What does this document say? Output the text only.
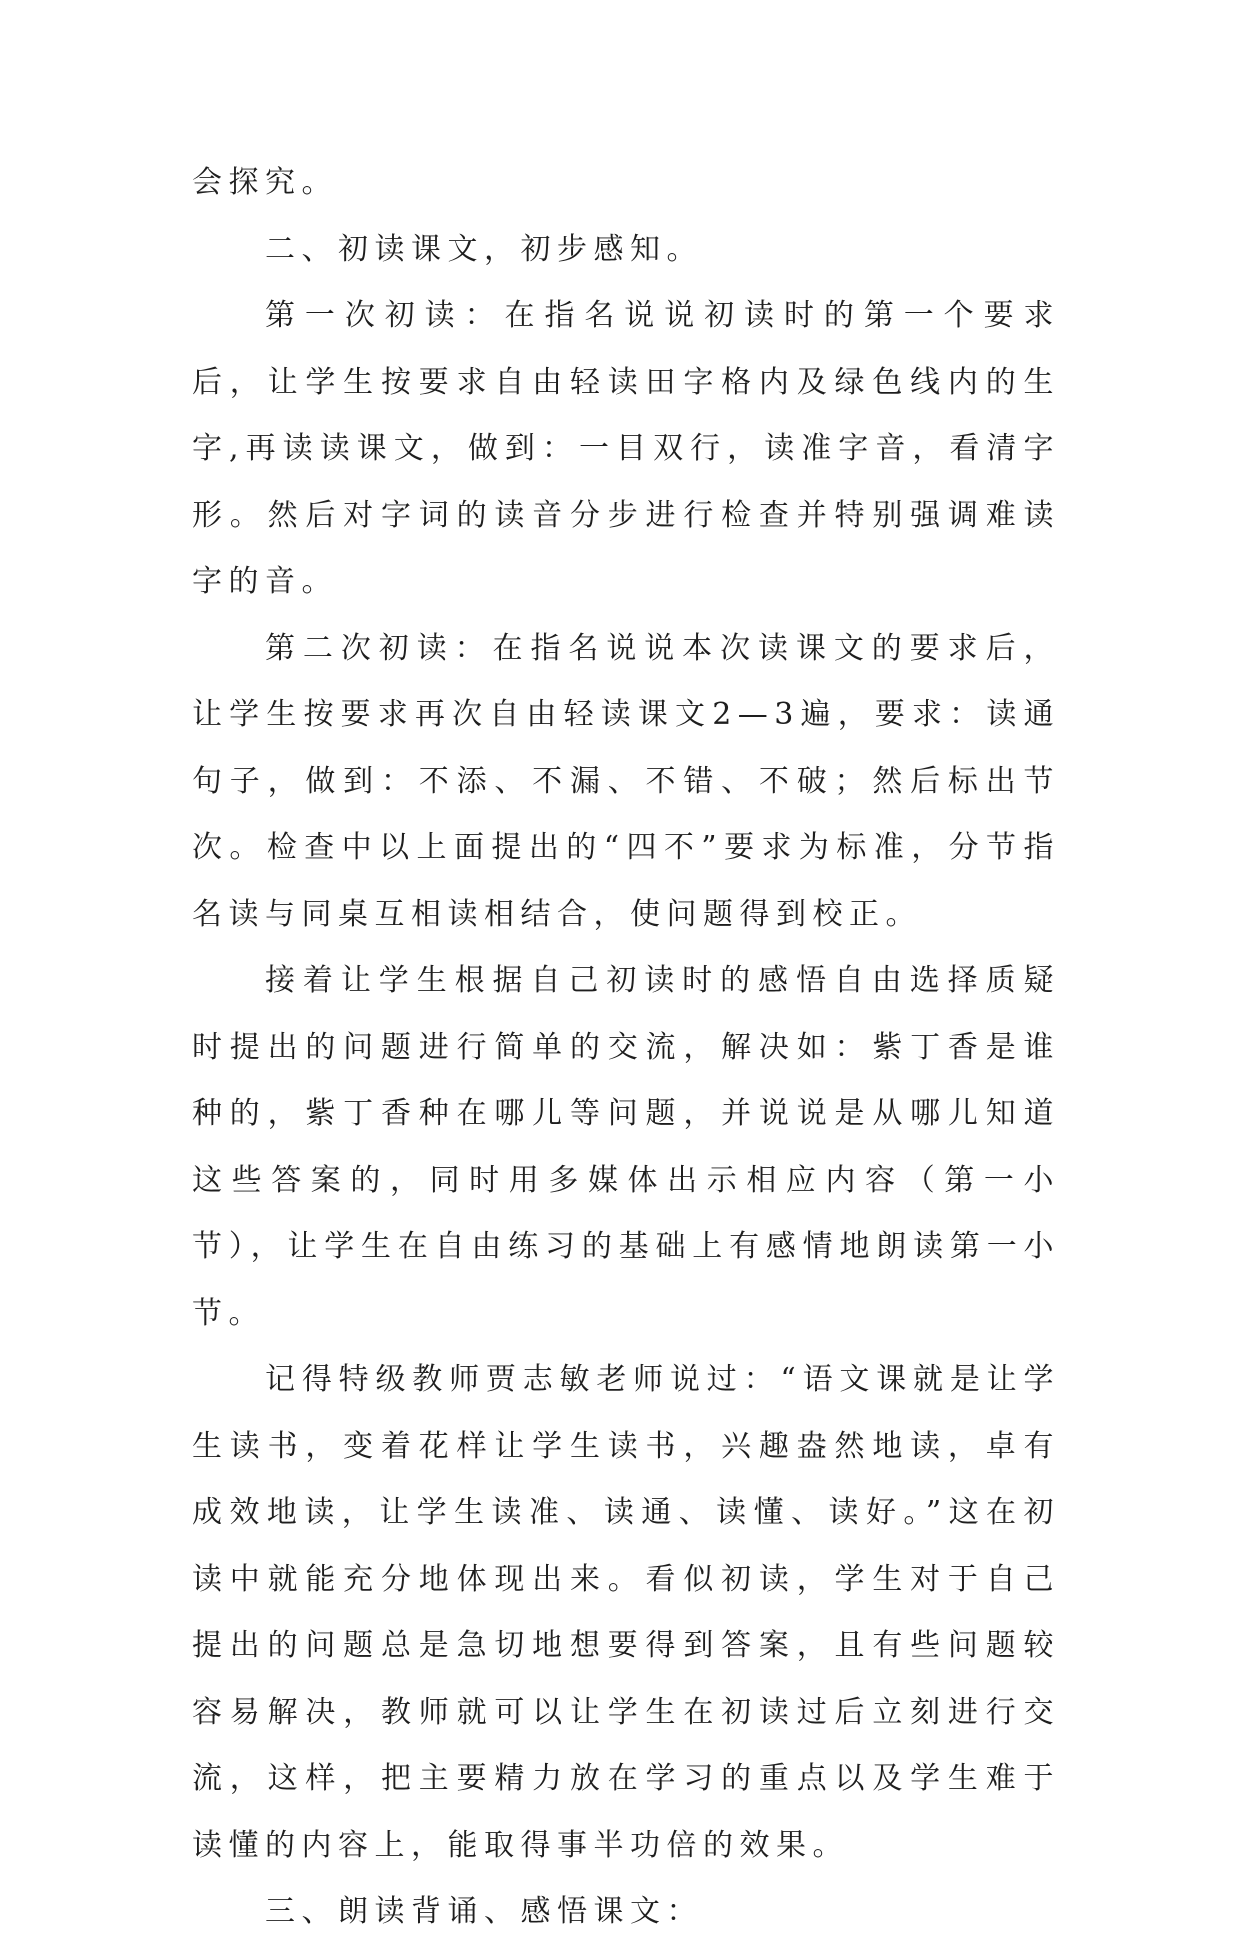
会探究。

二、初读课文，初步感知。

第一次初读：在指名说说初读时的第一个要求后，让学生按要求自由轻读田字格内及绿色线内的生字,再读读课文，做到：一目双行，读准字音，看清字形。然后对字词的读音分步进行检查并特别强调难读字的音。

第二次初读：在指名说说本次读课文的要求后，让学生按要求再次自由轻读课文2—3遍，要求：读通句子，做到：不添、不漏、不错、不破；然后标出节次。检查中以上面提出的“四不”要求为标准，分节指名读与同桌互相读相结合，使问题得到校正。

接着让学生根据自己初读时的感悟自由选择质疑时提出的问题进行简单的交流，解决如：紫丁香是谁种的，紫丁香种在哪儿等问题，并说说是从哪儿知道这些答案的，同时用多媒体出示相应内容（第一小节），让学生在自由练习的基础上有感情地朗读第一小节。

记得特级教师贾志敏老师说过：“语文课就是让学生读书，变着花样让学生读书，兴趣盎然地读，卓有成效地读，让学生读准、读通、读懂、读好。”这在初读中就能充分地体现出来。看似初读，学生对于自己提出的问题总是急切地想要得到答案，且有些问题较容易解决，教师就可以让学生在初读过后立刻进行交流，这样，把主要精力放在学习的重点以及学生难于读懂的内容上，能取得事半功倍的效果。

三、朗读背诵、感悟课文：
